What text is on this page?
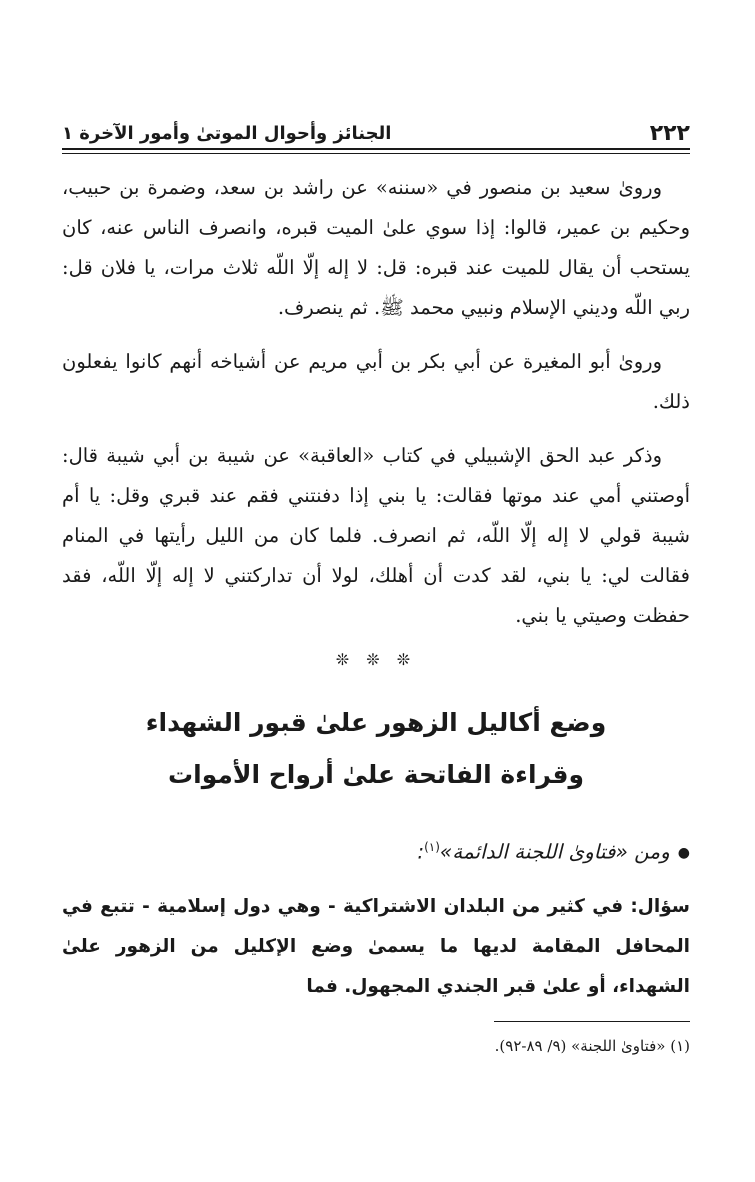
٢٢٢
الجنائز وأحوال الموتىٰ وأمور الآخرة ١

ورویٰ سعید بن منصور في «سننه» عن راشد بن سعد، وضمرة بن حبیب، وحکیم بن عمیر، قالوا: إذا سوي علیٰ المیت قبره، وانصرف الناس عنه، کان یستحب أن یقال للمیت عند قبره: قل: لا إله إلّا اللّه ثلاث مرات، یا فلان قل: ربي اللّه ودیني الإسلام ونبیي محمد ﷺ. ثم ینصرف.

ورویٰ أبو المغیرة عن أبي بکر بن أبي مریم عن أشیاخه أنهم کانوا یفعلون ذلك.

وذکر عبد الحق الإشبیلي في کتاب «العاقبة» عن شیبة بن أبي شیبة قال: أوصتني أمي عند موتها فقالت: یا بني إذا دفنتني فقم عند قبري وقل: یا أم شیبة قولي لا إله إلّا اللّه، ثم انصرف. فلما کان من اللیل رأیتها في المنام فقالت لي: یا بني، لقد کدت أن أهلك، لولا أن تدارکتني لا إله إلّا اللّه، فقد حفظت وصیتي یا بني.

❊ ❊ ❊

وضع أکالیل الزهور علیٰ قبور الشهداء

وقراءة الفاتحة علیٰ أرواح الأموات

●ومن «فتاویٰ اللجنة الدائمة»$^{(١)}$:

سؤال: في کثیر من البلدان الاشتراکیة - وهي دول إسلامیة - تتبع في المحافل المقامة لدیها ما یسمیٰ وضع الإکلیل من الزهور علیٰ الشهداء، أو علیٰ قبر الجندي المجهول. فما

(١) «فتاویٰ اللجنة» (٩/ ٨٩-٩٢).
